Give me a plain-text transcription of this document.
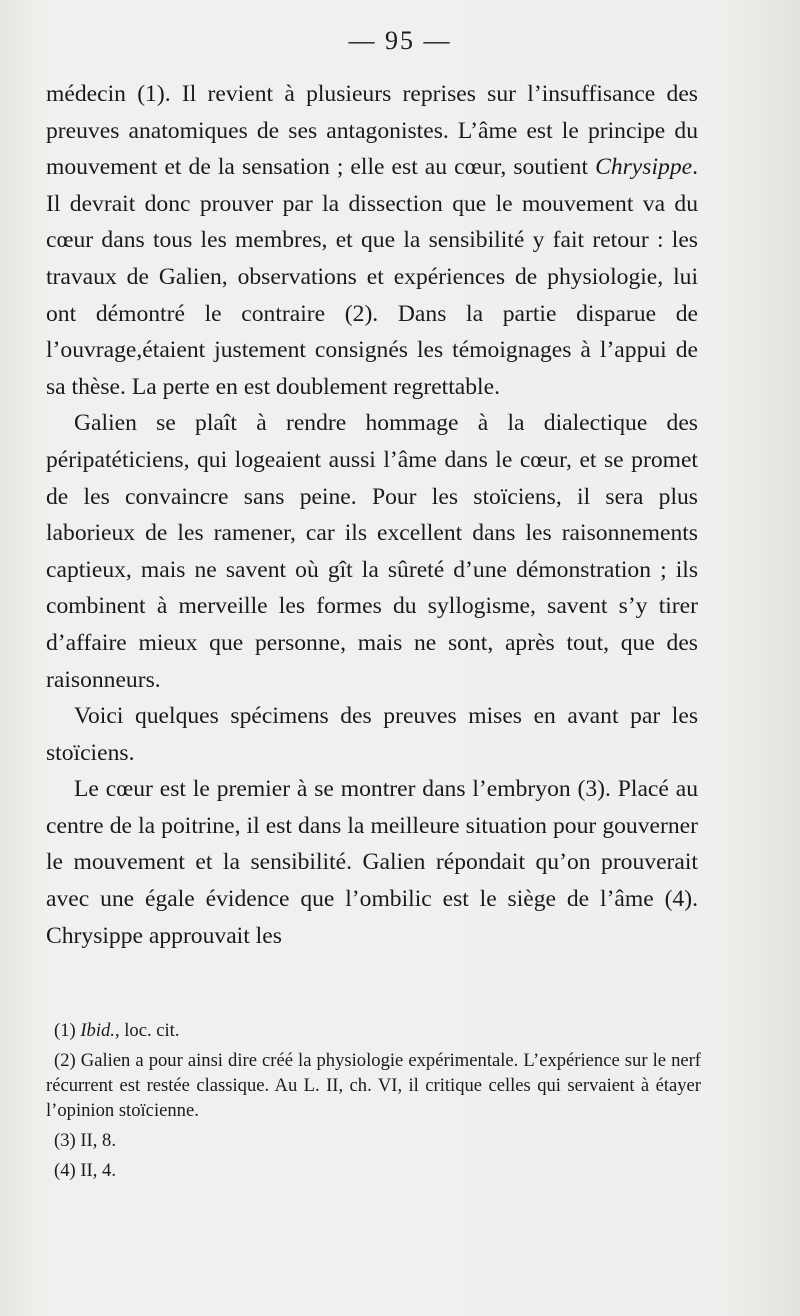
— 95 —

médecin (1). Il revient à plusieurs reprises sur l’insuffisance des preuves anatomiques de ses antagonistes. L’âme est le principe du mouvement et de la sensation ; elle est au cœur, soutient Chrysippe. Il devrait donc prouver par la dissection que le mouvement va du cœur dans tous les membres, et que la sensibilité y fait retour : les travaux de Galien, observations et expériences de physiologie, lui ont démontré le contraire (2). Dans la partie disparue de l’ouvrage,étaient justement consignés les témoignages à l’appui de sa thèse. La perte en est doublement regrettable.

Galien se plaît à rendre hommage à la dialectique des péripatéticiens, qui logeaient aussi l’âme dans le cœur, et se promet de les convaincre sans peine. Pour les stoïciens, il sera plus laborieux de les ramener, car ils excellent dans les raisonnements captieux, mais ne savent où gît la sûreté d’une démonstration ; ils combinent à merveille les formes du syllogisme, savent s’y tirer d’affaire mieux que personne, mais ne sont, après tout, que des raisonneurs.

Voici quelques spécimens des preuves mises en avant par les stoïciens.

Le cœur est le premier à se montrer dans l’embryon (3). Placé au centre de la poitrine, il est dans la meilleure situation pour gouverner le mouvement et la sensibilité. Galien répondait qu’on prouverait avec une égale évidence que l’ombilic est le siège de l’âme (4). Chrysippe approuvait les

(1) Ibid., loc. cit.

(2) Galien a pour ainsi dire créé la physiologie expérimentale. L’expérience sur le nerf récurrent est restée classique. Au L. II, ch. VI, il critique celles qui servaient à étayer l’opinion stoïcienne.

(3) II, 8.

(4) II, 4.
